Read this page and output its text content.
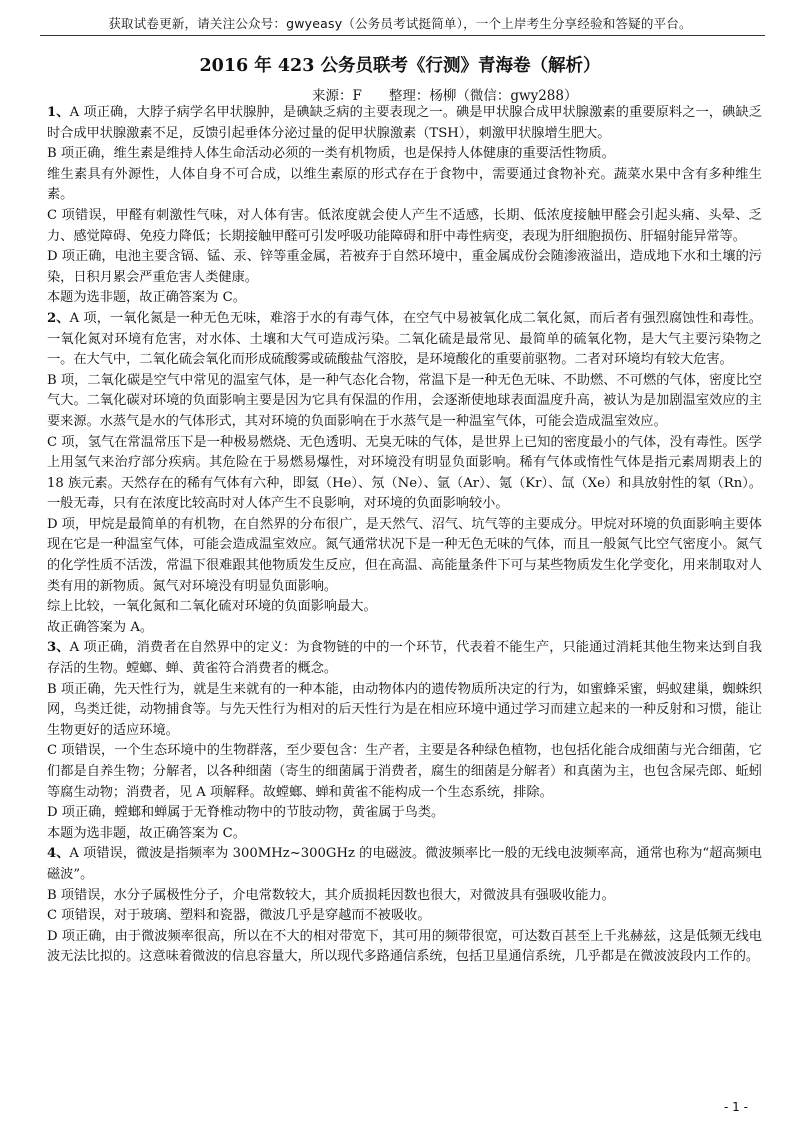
获取试卷更新，请关注公众号：gwyeasy（公务员考试挺简单），一个上岸考生分享经验和答疑的平台。
2016 年 423 公务员联考《行测》青海卷（解析）
来源：F　　整理：杨柳（微信：gwy288）

1、A 项正确，大脖子病学名甲状腺肿，是碘缺乏病的主要表现之一。碘是甲状腺合成甲状腺激素的重要原料之一，碘缺乏时合成甲状腺激素不足，反馈引起垂体分泌过量的促甲状腺激素（TSH），刺激甲状腺增生肥大。

B 项正确，维生素是维持人体生命活动必须的一类有机物质，也是保持人体健康的重要活性物质。

维生素具有外源性，人体自身不可合成，以维生素原的形式存在于食物中，需要通过食物补充。蔬菜水果中含有多种维生素。

C 项错误，甲醛有刺激性气味，对人体有害。低浓度就会使人产生不适感，长期、低浓度接触甲醛会引起头痛、头晕、乏力、感觉障碍、免疫力降低；长期接触甲醛可引发呼吸功能障碍和肝中毒性病变，表现为肝细胞损伤、肝辐射能异常等。

D 项正确，电池主要含镉、锰、汞、锌等重金属，若被弃于自然环境中，重金属成份会随渗液溢出，造成地下水和土壤的污染，日积月累会严重危害人类健康。

本题为选非题，故正确答案为 C。

2、A 项，一氧化氮是一种无色无味，难溶于水的有毒气体，在空气中易被氧化成二氧化氮，而后者有强烈腐蚀性和毒性。一氧化氮对环境有危害，对水体、土壤和大气可造成污染。二氧化硫是最常见、最简单的硫氧化物，是大气主要污染物之一。在大气中，二氧化硫会氧化而形成硫酸雾或硫酸盐气溶胶，是环境酸化的重要前驱物。二者对环境均有较大危害。

B 项，二氧化碳是空气中常见的温室气体，是一种气态化合物，常温下是一种无色无味、不助燃、不可燃的气体，密度比空气大。二氧化碳对环境的负面影响主要是因为它具有保温的作用，会逐渐使地球表面温度升高，被认为是加剧温室效应的主要来源。水蒸气是水的气体形式，其对环境的负面影响在于水蒸气是一种温室气体，可能会造成温室效应。

C 项，氢气在常温常压下是一种极易燃烧、无色透明、无臭无味的气体，是世界上已知的密度最小的气体，没有毒性。医学上用氢气来治疗部分疾病。其危险在于易燃易爆性，对环境没有明显负面影响。稀有气体或惰性气体是指元素周期表上的 18 族元素。天然存在的稀有气体有六种，即氦（He）、氖（Ne）、氩（Ar）、氪（Kr）、氙（Xe）和具放射性的氡（Rn）。一般无毒，只有在浓度比较高时对人体产生不良影响，对环境的负面影响较小。

D 项，甲烷是最简单的有机物，在自然界的分布很广，是天然气、沼气、坑气等的主要成分。甲烷对环境的负面影响主要体现在它是一种温室气体，可能会造成温室效应。氮气通常状况下是一种无色无味的气体，而且一般氮气比空气密度小。氮气的化学性质不活泼，常温下很难跟其他物质发生反应，但在高温、高能量条件下可与某些物质发生化学变化，用来制取对人类有用的新物质。氮气对环境没有明显负面影响。

综上比较，一氧化氮和二氧化硫对环境的负面影响最大。

故正确答案为 A。

3、A 项正确，消费者在自然界中的定义：为食物链的中的一个环节，代表着不能生产，只能通过消耗其他生物来达到自我存活的生物。螳螂、蝉、黄雀符合消费者的概念。

B 项正确，先天性行为，就是生来就有的一种本能，由动物体内的遗传物质所决定的行为，如蜜蜂采蜜，蚂蚁建巢，蜘蛛织网，鸟类迁徙，动物捕食等。与先天性行为相对的后天性行为是在相应环境中通过学习而建立起来的一种反射和习惯，能让生物更好的适应环境。

C 项错误，一个生态环境中的生物群落，至少要包含：生产者，主要是各种绿色植物，也包括化能合成细菌与光合细菌，它们都是自养生物；分解者，以各种细菌（寄生的细菌属于消费者，腐生的细菌是分解者）和真菌为主，也包含屎壳郎、蚯蚓等腐生动物；消费者，见 A 项解释。故螳螂、蝉和黄雀不能构成一个生态系统，排除。

D 项正确，螳螂和蝉属于无脊椎动物中的节肢动物，黄雀属于鸟类。

本题为选非题，故正确答案为 C。

4、A 项错误，微波是指频率为 300MHz~300GHz 的电磁波。微波频率比一般的无线电波频率高，通常也称为“超高频电磁波”。

B 项错误，水分子属极性分子，介电常数较大，其介质损耗因数也很大，对微波具有强吸收能力。

C 项错误，对于玻璃、塑料和瓷器，微波几乎是穿越而不被吸收。

D 项正确，由于微波频率很高，所以在不大的相对带宽下，其可用的频带很宽，可达数百甚至上千兆赫兹，这是低频无线电波无法比拟的。这意味着微波的信息容量大，所以现代多路通信系统，包括卫星通信系统，几乎都是在微波波段内工作的。

- 1 -
